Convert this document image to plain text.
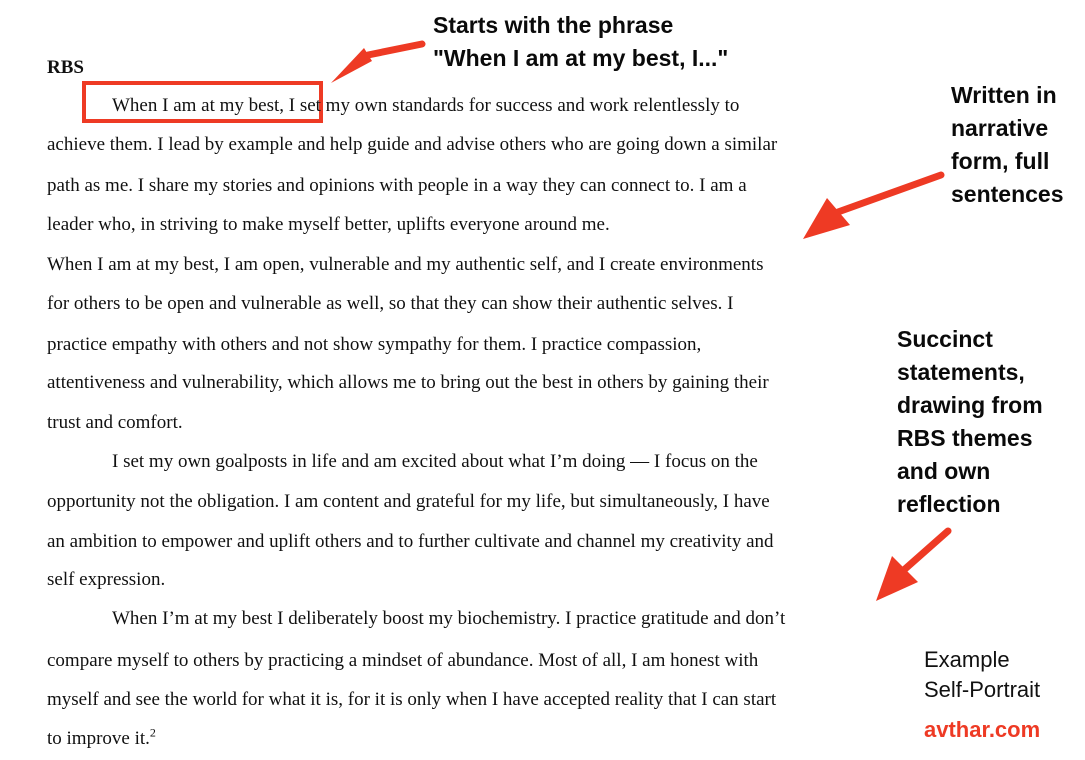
RBS
When I am at my best, I set my own standards for success and work relentlessly to
achieve them. I lead by example and help guide and advise others who are going down a similar
path as me. I share my stories and opinions with people in a way they can connect to. I am a
leader who, in striving to make myself better, uplifts everyone around me.
When I am at my best, I am open, vulnerable and my authentic self, and I create environments
for others to be open and vulnerable as well, so that they can show their authentic selves. I
practice empathy with others and not show sympathy for them. I practice compassion,
attentiveness and vulnerability, which allows me to bring out the best in others by gaining their
trust and comfort.
I set my own goalposts in life and am excited about what I’m doing — I focus on the
opportunity not the obligation. I am content and grateful for my life, but simultaneously, I have
an ambition to empower and uplift others and to further cultivate and channel my creativity and
self expression.
When I’m at my best I deliberately boost my biochemistry. I practice gratitude and don’t
compare myself to others by practicing a mindset of abundance. Most of all, I am honest with
myself and see the world for what it is, for it is only when I have accepted reality that I can start
to improve it.$^2$
Starts with the phrase
"When I am at my best, I..."
Written in
narrative
form, full
sentences
Succinct
statements,
drawing from
RBS themes
and own
reflection
Example
Self-Portrait
avthar.com
